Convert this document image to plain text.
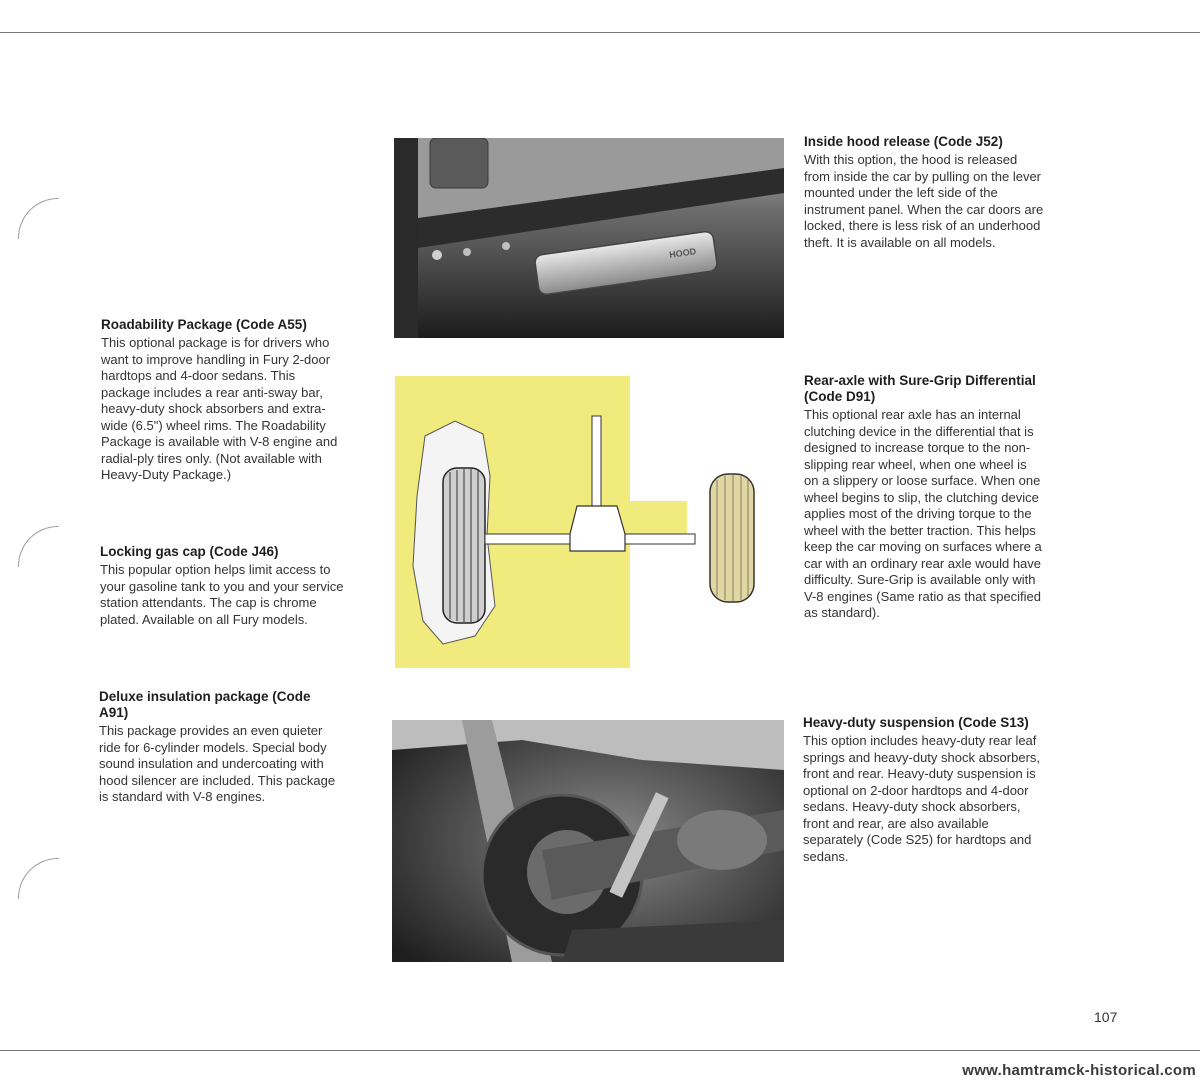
Roadability Package (Code A55)

This optional package is for drivers who want to improve handling in Fury 2-door hardtops and 4-door sedans. This package includes a rear anti-sway bar, heavy-duty shock absorbers and extra-wide (6.5") wheel rims. The Roadability Package is available with V-8 engine and radial-ply tires only. (Not available with Heavy-Duty Package.)

Locking gas cap (Code J46)

This popular option helps limit access to your gasoline tank to you and your service station attendants. The cap is chrome plated. Available on all Fury models.

Deluxe insulation package (Code A91)

This package provides an even quieter ride for 6-cylinder models. Special body sound insulation and undercoating with hood silencer are included. This package is standard with V-8 engines.

Inside hood release (Code J52)

With this option, the hood is released from inside the car by pulling on the lever mounted under the left side of the instrument panel. When the car doors are locked, there is less risk of an underhood theft. It is available on all models.

Rear-axle with Sure-Grip Differential (Code D91)

This optional rear axle has an internal clutching device in the differential that is designed to increase torque to the non-slipping rear wheel, when one wheel is on a slippery or loose surface. When one wheel begins to slip, the clutching device applies most of the driving torque to the wheel with the better traction. This helps keep the car moving on surfaces where a car with an ordinary rear axle would have difficulty. Sure-Grip is available only with V-8 engines (Same ratio as that specified as standard).

Heavy-duty suspension (Code S13)

This option includes heavy-duty rear leaf springs and heavy-duty shock absorbers, front and rear. Heavy-duty suspension is optional on 2-door hardtops and 4-door sedans. Heavy-duty shock absorbers, front and rear, are also available separately (Code S25) for hardtops and sedans.

HOOD
107
www.hamtramck-historical.com
